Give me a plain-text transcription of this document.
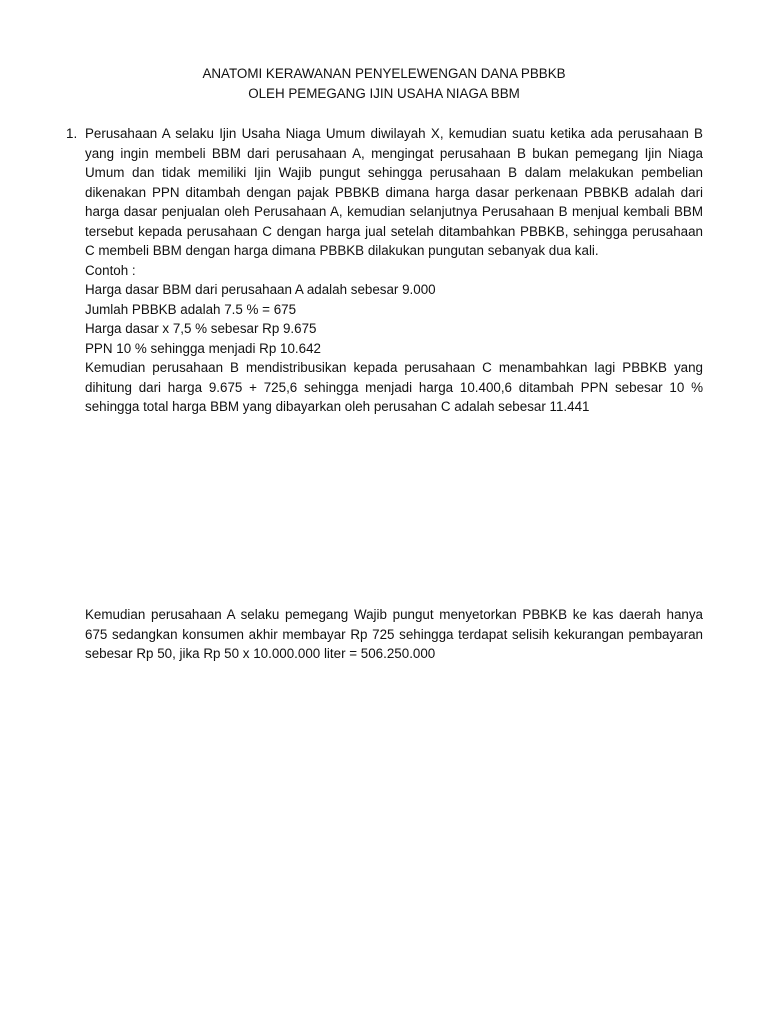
ANATOMI KERAWANAN PENYELEWENGAN DANA PBBKB
OLEH PEMEGANG IJIN USAHA NIAGA BBM
1. Perusahaan A selaku Ijin Usaha Niaga Umum diwilayah X, kemudian suatu ketika ada perusahaan B yang ingin membeli BBM dari perusahaan A, mengingat perusahaan B bukan pemegang Ijin Niaga Umum dan tidak memiliki Ijin Wajib pungut sehingga perusahaan B dalam melakukan pembelian dikenakan PPN ditambah dengan pajak PBBKB dimana harga dasar perkenaan PBBKB adalah dari harga dasar penjualan oleh Perusahaan A, kemudian selanjutnya Perusahaan B menjual kembali BBM tersebut kepada perusahaan C dengan harga jual setelah ditambahkan PBBKB, sehingga perusahaan C membeli BBM dengan harga dimana PBBKB dilakukan pungutan sebanyak dua kali.

Contoh :

Harga dasar BBM dari perusahaan A adalah sebesar 9.000

Jumlah PBBKB adalah 7.5 % = 675

Harga dasar x 7,5 % sebesar Rp 9.675

PPN 10 % sehingga menjadi Rp 10.642

Kemudian perusahaan B mendistribusikan kepada perusahaan C menambahkan lagi PBBKB yang dihitung dari harga 9.675 + 725,6 sehingga menjadi harga 10.400,6 ditambah PPN sebesar 10 % sehingga total harga BBM yang dibayarkan oleh perusahan C adalah sebesar 11.441

Kemudian perusahaan A selaku pemegang Wajib pungut menyetorkan PBBKB ke kas daerah hanya 675 sedangkan konsumen akhir membayar Rp 725 sehingga terdapat selisih kekurangan pembayaran sebesar Rp 50, jika Rp 50 x 10.000.000 liter = 506.250.000
